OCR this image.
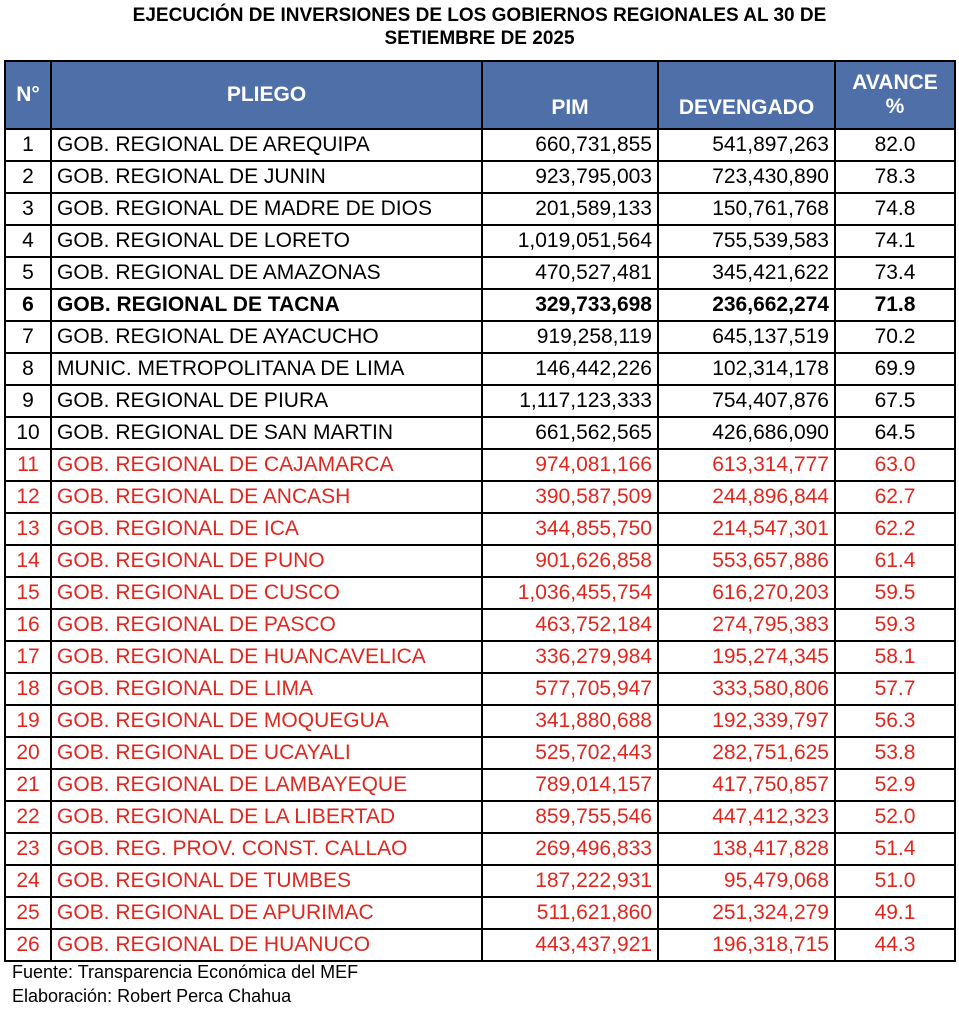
EJECUCIÓN DE INVERSIONES DE LOS GOBIERNOS REGIONALES AL 30 DE
SETIEMBRE DE 2025
N°	PLIEGO	PIM	DEVENGADO	AVANCE
%

1	GOB. REGIONAL DE AREQUIPA	660,731,855	541,897,263	82.0
2	GOB. REGIONAL DE JUNIN	923,795,003	723,430,890	78.3
3	GOB. REGIONAL DE MADRE DE DIOS	201,589,133	150,761,768	74.8
4	GOB. REGIONAL DE LORETO	1,019,051,564	755,539,583	74.1
5	GOB. REGIONAL DE AMAZONAS	470,527,481	345,421,622	73.4
6	GOB. REGIONAL DE TACNA	329,733,698	236,662,274	71.8
7	GOB. REGIONAL DE AYACUCHO	919,258,119	645,137,519	70.2
8	MUNIC. METROPOLITANA DE LIMA	146,442,226	102,314,178	69.9
9	GOB. REGIONAL DE PIURA	1,117,123,333	754,407,876	67.5
10	GOB. REGIONAL DE SAN MARTIN	661,562,565	426,686,090	64.5
11	GOB. REGIONAL DE CAJAMARCA	974,081,166	613,314,777	63.0
12	GOB. REGIONAL DE ANCASH	390,587,509	244,896,844	62.7
13	GOB. REGIONAL DE ICA	344,855,750	214,547,301	62.2
14	GOB. REGIONAL DE PUNO	901,626,858	553,657,886	61.4
15	GOB. REGIONAL DE CUSCO	1,036,455,754	616,270,203	59.5
16	GOB. REGIONAL DE PASCO	463,752,184	274,795,383	59.3
17	GOB. REGIONAL DE HUANCAVELICA	336,279,984	195,274,345	58.1
18	GOB. REGIONAL DE LIMA	577,705,947	333,580,806	57.7
19	GOB. REGIONAL DE MOQUEGUA	341,880,688	192,339,797	56.3
20	GOB. REGIONAL DE UCAYALI	525,702,443	282,751,625	53.8
21	GOB. REGIONAL DE LAMBAYEQUE	789,014,157	417,750,857	52.9
22	GOB. REGIONAL DE LA LIBERTAD	859,755,546	447,412,323	52.0
23	GOB. REG. PROV. CONST. CALLAO	269,496,833	138,417,828	51.4
24	GOB. REGIONAL DE TUMBES	187,222,931	95,479,068	51.0
25	GOB. REGIONAL DE APURIMAC	511,621,860	251,324,279	49.1
26	GOB. REGIONAL DE HUANUCO	443,437,921	196,318,715	44.3
Fuente: Transparencia Económica del MEF
Elaboración: Robert Perca Chahua
